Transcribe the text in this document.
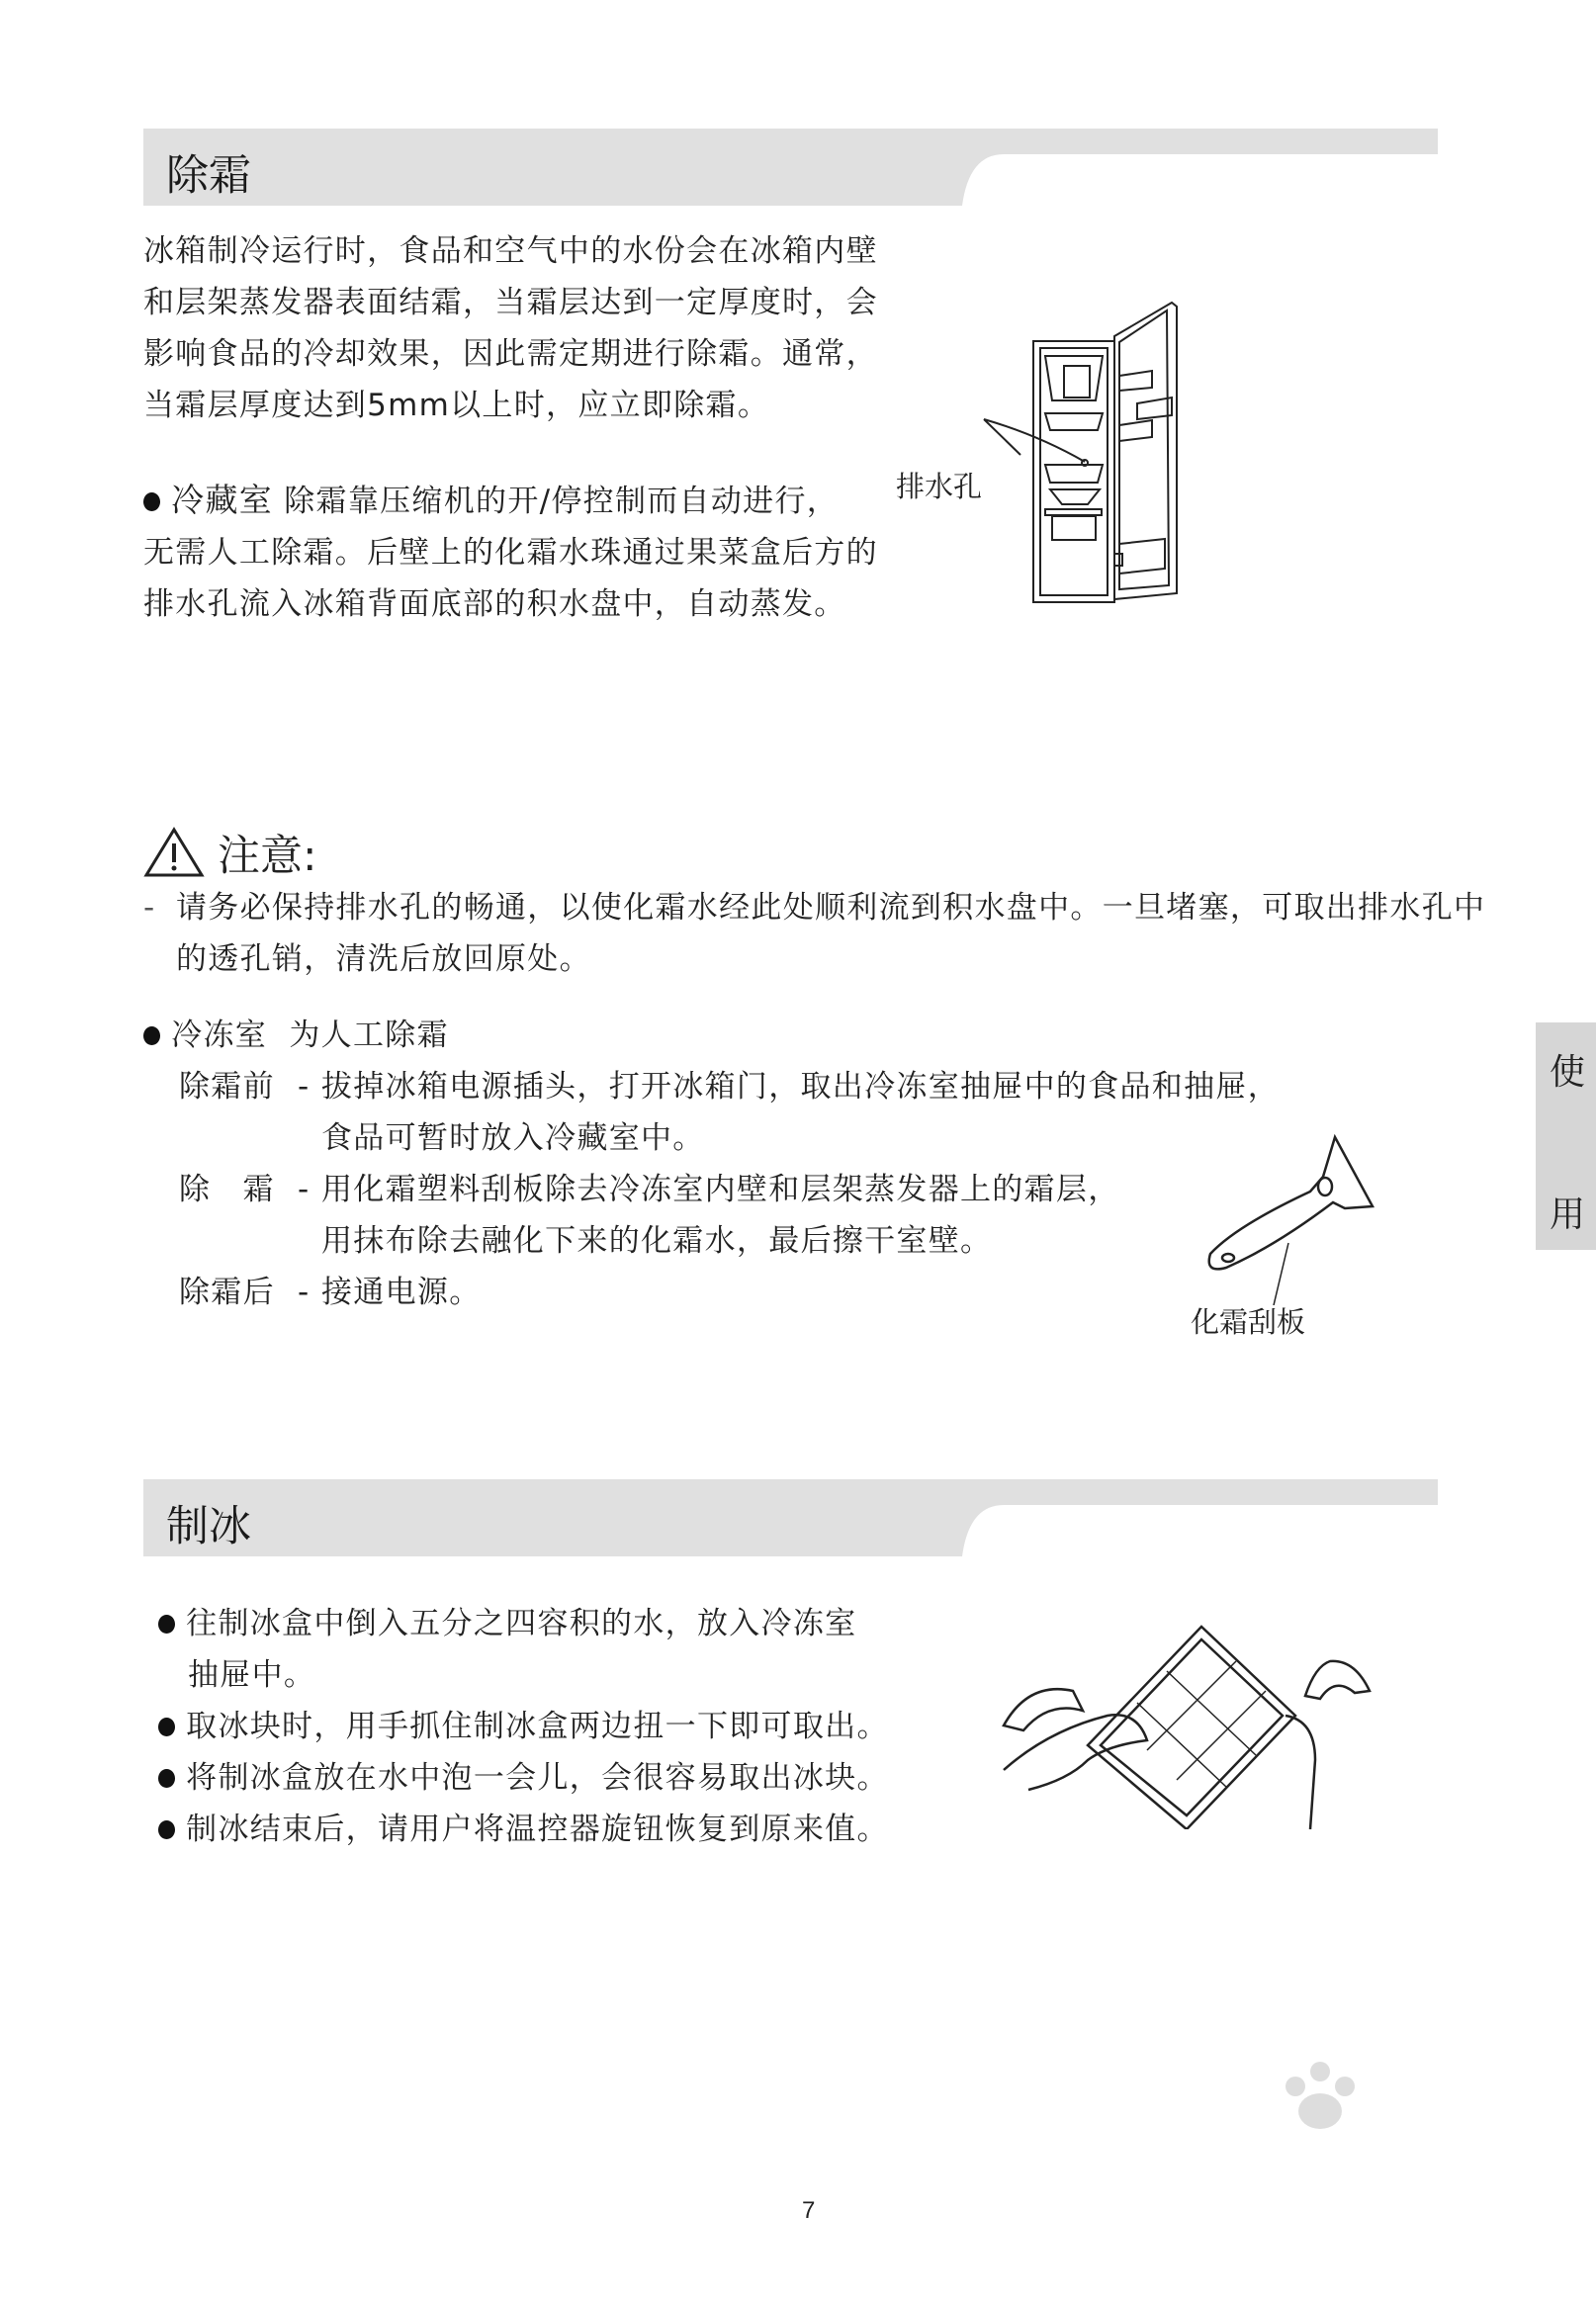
除霜
冰箱制冷运行时，食品和空气中的水份会在冰箱内壁
和层架蒸发器表面结霜，当霜层达到一定厚度时，会
影响食品的冷却效果，因此需定期进行除霜。通常，
当霜层厚度达到5mm以上时，应立即除霜。
冷藏室 除霜靠压缩机的开/停控制而自动进行，
无需人工除霜。后壁上的化霜水珠通过果菜盒后方的
排水孔流入冰箱背面底部的积水盘中，自动蒸发。
排水孔
注意:
- 请务必保持排水孔的畅通，以使化霜水经此处顺利流到积水盘中。一旦堵塞，可取出排水孔中
的透孔销，清洗后放回原处。
冷冻室 为人工除霜
除霜前 - 拔掉冰箱电源插头，打开冰箱门，取出冷冻室抽屉中的食品和抽屉，
食品可暂时放入冷藏室中。
除　霜 - 用化霜塑料刮板除去冷冻室内壁和层架蒸发器上的霜层，
用抹布除去融化下来的化霜水，最后擦干室壁。
除霜后 - 接通电源。
化霜刮板
使
用
制冰
往制冰盒中倒入五分之四容积的水，放入冷冻室
抽屉中。
取冰块时，用手抓住制冰盒两边扭一下即可取出。
将制冰盒放在水中泡一会儿，会很容易取出冰块。
制冰结束后，请用户将温控器旋钮恢复到原来值。
7
